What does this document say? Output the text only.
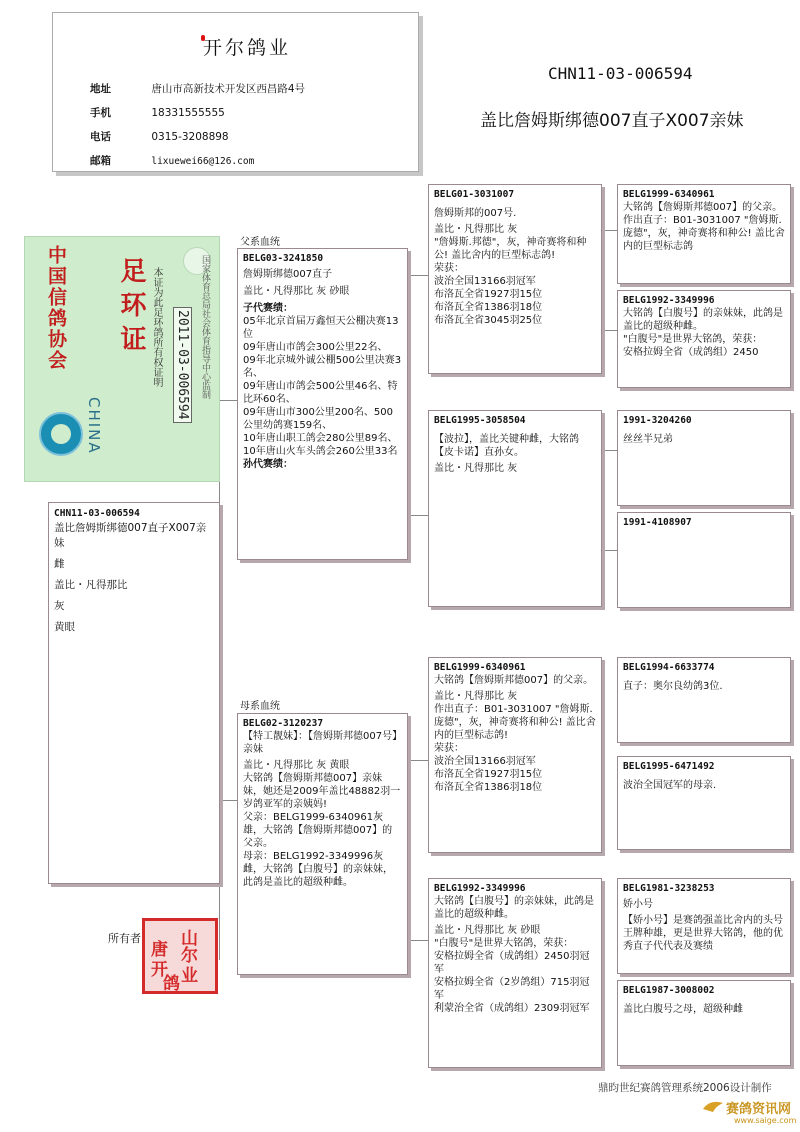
开尔鸽业
地址	唐山市高新技术开发区西昌路4号
手机	18331555555
电话	0315-3208898
邮箱	lixuewei66@126.com
CHN11-03-006594
盖比詹姆斯绑德007直子X007亲妹
中国信鸽协会 足环证 本证为此足环鸽所有权证明 2011-03-006594
CHINA
国家体育总局社会体育指导中心监制
父系血统
母系血统
CHN11-03-006594
盖比詹姆斯绑德007直子X007亲妹
雌
盖比・凡得那比
灰
黄眼
BELG03-3241850
詹姆斯绑德007直子
盖比・凡得那比 灰 砂眼
子代赛绩：
05年北京首届万鑫恒天公棚决赛13位
09年唐山市鸽会300公里22名、
09年北京城外诚公棚500公里决赛3名、
09年唐山市鸽会500公里46名、特比环60名、
09年唐山市300公里200名、500公里幼鸽赛159名、
10年唐山职工鸽会280公里89名、
10年唐山火车头鸽会260公里33名
孙代赛绩：
BELG02-3120237
【特工靓妹】：【詹姆斯邦德007号】亲妹
盖比・凡得那比 灰 黄眼
大铭鸽【詹姆斯邦德007】亲妹妹，她还是2009年盖比48882羽一岁鸽亚军的亲姨妈!
父亲：BELG1999-6340961灰雄，大铭鸽【詹姆斯邦德007】的父亲。
母亲：BELG1992-3349996灰雌，大铭鸽【白腹号】的亲妹妹，此鸽是盖比的超级种雌。
BELG01-3031007
詹姆斯邦的007号.
盖比・凡得那比 灰
"詹姆斯.邦德"，灰，神奇赛将和种公! 盖比舍内的巨型标志鸽!
荣获：
波治全国13166羽冠军
布洛瓦全省1927羽15位
布洛瓦全省1386羽18位
布洛瓦全省3045羽25位
BELG1995-3058504
【波拉】，盖比关键种雌，大铭鸽【皮卡诺】直孙女。
盖比・凡得那比 灰
BELG1999-6340961
大铭鸽【詹姆斯邦德007】的父亲。
盖比・凡得那比 灰
作出直子：B01-3031007 "詹姆斯.庞德"，灰，神奇赛将和种公! 盖比舍内的巨型标志鸽!
荣获：
波治全国13166羽冠军
布洛瓦全省1927羽15位
布洛瓦全省1386羽18位
BELG1992-3349996
大铭鸽【白腹号】的亲妹妹，此鸽是盖比的超级种雌。
盖比・凡得那比 灰 砂眼
"白腹号"是世界大铭鸽，荣获：
安格拉姆全省（成鸽组）2450羽冠军
安格拉姆全省（2岁鸽组）715羽冠军
利蒙治全省（成鸽组）2309羽冠军
BELG1999-6340961
大铭鸽【詹姆斯邦德007】的父亲。
作出直子：B01-3031007 "詹姆斯.庞德"，灰，神奇赛将和种公! 盖比舍内的巨型标志鸽
BELG1992-3349996
大铭鸽【白腹号】的亲妹妹，此鸽是盖比的超级种雌。
"白腹号"是世界大铭鸽，荣获：
安格拉姆全省（成鸽组）2450
1991-3204260
丝丝半兄弟
1991-4108907
BELG1994-6633774
直子：奥尔良幼鸽3位.
BELG1995-6471492
波治全国冠军的母亲.
BELG1981-3238253
娇小号
【娇小号】是赛鸽强盖比舍内的头号王牌种雄，更是世界大铭鸽，他的优秀直子代代表及赛绩
BELG1987-3008002
盖比白腹号之母，超级种雌
所有者 山
唐 尔
开 业
鸽
鼎昀世纪赛鸽管理系统2006设计制作
赛鸽资讯网
www.saige.com
